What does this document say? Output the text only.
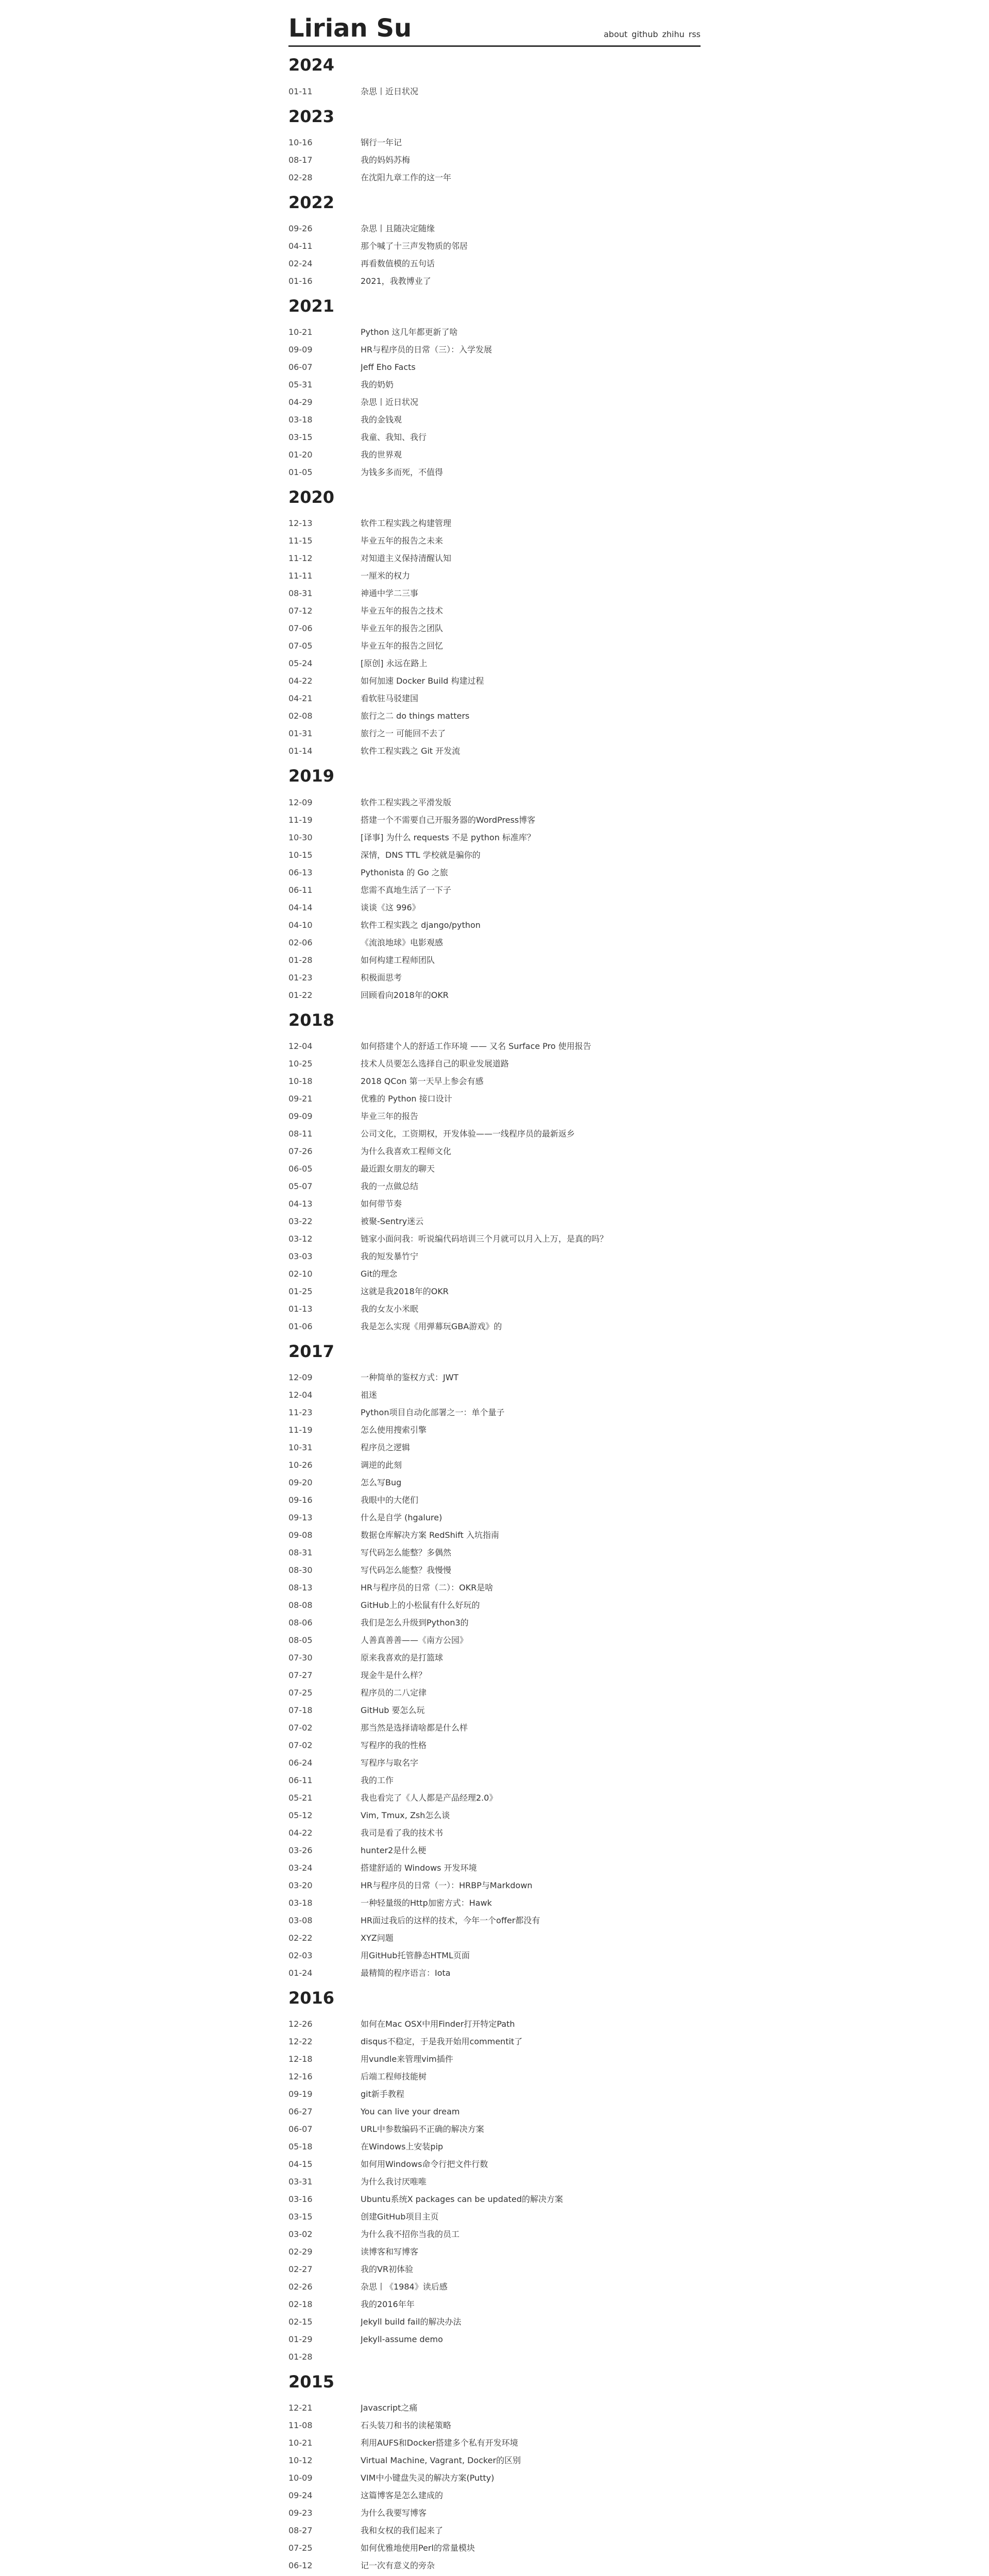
Lirian Su	about github zhihu rss
2024
01-11	杂思丨近日状况
2023
10-16	钢行一年记
08-17	我的妈妈苏梅
02-28	在沈阳九章工作的这一年
2022
09-26	杂思丨且随决定随缘
04-11	那个喊了十三声发物质的邻居
02-24	再看数值模的五句话
01-16	2021，我教博业了
2021
10-21	Python 这几年都更新了啥
09-09	HR与程序员的日常（三）：入学发展
06-07	Jeff Eho Facts
05-31	我的奶奶
04-29	杂思丨近日状况
03-18	我的金钱观
03-15	我童、我知、我行
01-20	我的世界观
01-05	为钱多多而死，不值得
2020
12-13	软件工程实践之构建管理
11-15	毕业五年的报告之未来
11-12	对知道主义保持清醒认知
11-11	一厘米的权力
08-31	神通中学二三事
07-12	毕业五年的报告之技术
07-06	毕业五年的报告之团队
07-05	毕业五年的报告之回忆
05-24	[原创] 永远在路上
04-22	如何加速 Docker Build 构建过程
04-21	看软驻马驳建国
02-08	旅行之二 do things matters
01-31	旅行之一 可能回不去了
01-14	软件工程实践之 Git 开发流
2019
12-09	软件工程实践之平滑发版
11-19	搭建一个不需要自己开服务器的WordPress博客
10-30	[译事] 为什么 requests 不是 python 标准库？
10-15	深情，DNS TTL 学校就是骗你的
06-13	Pythonista 的 Go 之旅
06-11	您需不真地生活了一下子
04-14	谈谈《这 996》
04-10	软件工程实践之 django/python
02-06	《流浪地球》电影观感
01-28	如何构建工程师团队
01-23	积极面思考
01-22	回顾看向2018年的OKR
2018
12-04	如何搭建个人的舒适工作环境 —— 又名 Surface Pro 使用报告
10-25	技术人员要怎么选择自己的职业发展道路
10-18	2018 QCon 第一天早上参会有感
09-21	优雅的 Python 接口设计
09-09	毕业三年的报告
08-11	公司文化，工资期权，开发体验——一线程序员的最新返乡
07-26	为什么我喜欢工程师文化
06-05	最近跟女朋友的聊天
05-07	我的一点做总结
04-13	如何带节奏
03-22	被聚-Sentry迷云
03-12	链家小面问我：听说编代码培训三个月就可以月入上万，是真的吗？
03-03	我的短发暴竹宁
02-10	Git的理念
01-25	这就是我2018年的OKR
01-13	我的女友小米眠
01-06	我是怎么实现《用弹幕玩GBA游戏》的
2017
12-09	一种简单的鉴权方式：JWT
12-04	祖迷
11-23	Python项目自动化部署之一：单个量子
11-19	怎么使用搜索引擎
10-31	程序员之逻辑
10-26	调逆的此刻
09-20	怎么写Bug
09-16	我眼中的大佬们
09-13	什么是自学 (hgalure)
09-08	数据仓库解决方案 RedShift 入坑指南
08-31	写代码怎么能整？多偶然
08-30	写代码怎么能整？我慢慢
08-13	HR与程序员的日常（二）：OKR是啥
08-08	GitHub上的小松鼠有什么好玩的
08-06	我们是怎么升级到Python3的
08-05	人善真善善——《南方公园》
07-30	原来我喜欢的是打篮球
07-27	现金牛是什么样？
07-25	程序员的二八定律
07-18	GitHub 要怎么玩
07-02	那当然是选择请啥都是什么样
07-02	写程序的我的性格
06-24	写程序与取名字
06-11	我的工作
05-21	我也看完了《人人都是产品经理2.0》
05-12	Vim, Tmux, Zsh怎么谈
04-22	我司是看了我的技术书
03-26	hunter2是什么梗
03-24	搭建舒适的 Windows 开发环境
03-20	HR与程序员的日常（一）：HRBP与Markdown
03-18	一种轻量级的Http加密方式：Hawk
03-08	HR面过我后的这样的技术，今年一个offer都没有
02-22	XYZ问题
02-03	用GitHub托管静态HTML页面
01-24	最精简的程序语言：Iota
2016
12-26	如何在Mac OSX中用Finder打开特定Path
12-22	disqus不稳定，于是我开始用commentit了
12-18	用vundle来管理vim插件
12-16	后端工程师技能树
09-19	git新手教程
06-27	You can live your dream
06-07	URL中参数编码不正确的解决方案
05-18	在Windows上安装pip
04-15	如何用Windows命令行把文件行数
03-31	为什么我讨厌唯唯
03-16	Ubuntu系统X packages can be updated的解决方案
03-15	创建GitHub项目主页
03-02	为什么我不招你当我的员工
02-29	读博客和写博客
02-27	我的VR初体验
02-26	杂思丨《1984》读后感
02-18	我的2016年年
02-15	Jekyll build fail的解决办法
01-29	Jekyll-assume demo
01-28
2015
12-21	Javascript之痛
11-08	石头装刀和书的读秘策略
10-21	利用AUFS和Docker搭建多个私有开发环境
10-12	Virtual Machine, Vagrant, Docker的区别
10-09	VIM中小键盘失灵的解决方案(Putty)
09-24	这篇博客是怎么建成的
09-23	为什么我要写博客
08-27	我和女权的我们起来了
07-25	如何优雅地使用Perl的常量模块
06-12	记一次有意义的旁杂
